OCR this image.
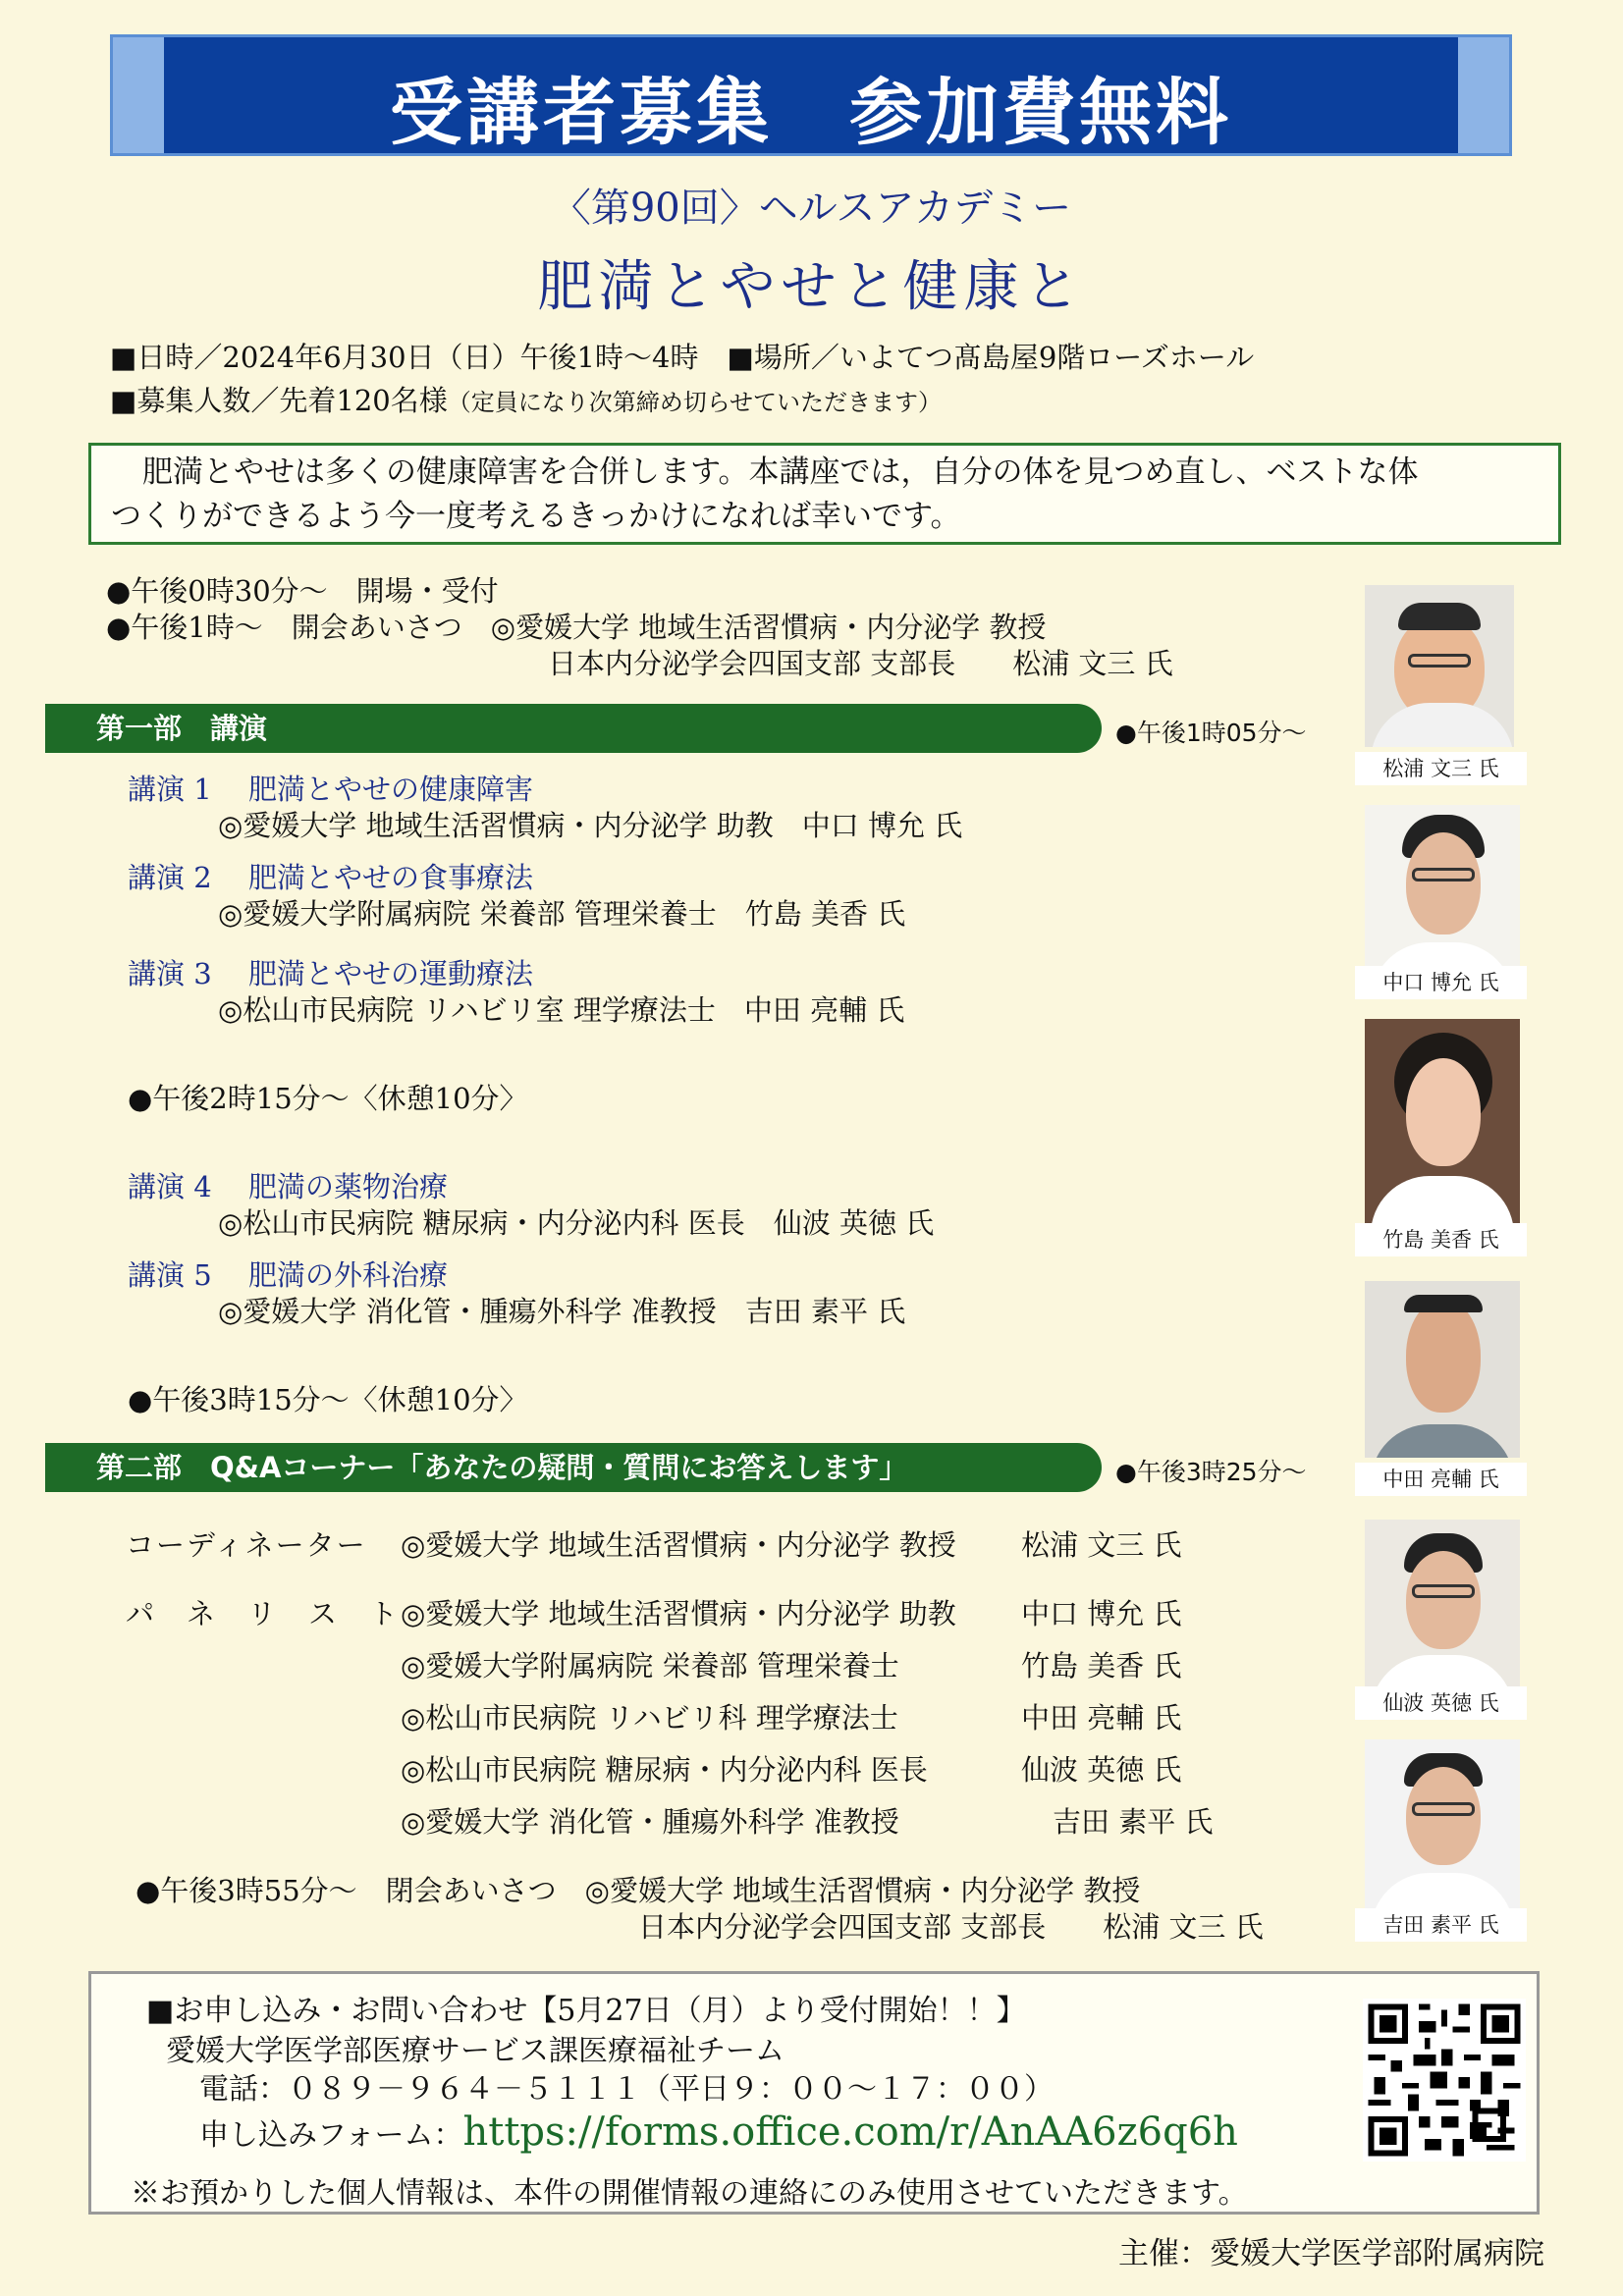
受講者募集　参加費無料
〈第90回〉ヘルスアカデミー
肥満とやせと健康と
■日時／2024年6月30日（日）午後1時～4時　■場所／いよてつ髙島屋9階ローズホール
■募集人数／先着120名様（定員になり次第締め切らせていただきます）
肥満とやせは多くの健康障害を合併します。本講座では，自分の体を見つめ直し、ベストな体
つくりができるよう今一度考えるきっかけになれば幸いです。
●午後0時30分～　開場・受付
●午後1時～　開会あいさつ　◎愛媛大学 地域生活習慣病・内分泌学 教授
日本内分泌学会四国支部 支部長　　松浦 文三 氏
第一部　講演	●午後1時05分～
講演 1 肥満とやせの健康障害
◎愛媛大学 地域生活習慣病・内分泌学 助教　中口 博允 氏
講演 2 肥満とやせの食事療法
◎愛媛大学附属病院 栄養部 管理栄養士　竹島 美香 氏
講演 3 肥満とやせの運動療法
◎松山市民病院 リハビリ室 理学療法士　中田 亮輔 氏
●午後2時15分～〈休憩10分〉
講演 4 肥満の薬物治療
◎松山市民病院 糖尿病・内分泌内科 医長　仙波 英徳 氏
講演 5 肥満の外科治療
◎愛媛大学 消化管・腫瘍外科学 准教授　吉田 素平 氏
●午後3時15分～〈休憩10分〉
第二部　Q&Aコーナー「あなたの疑問・質問にお答えします」	●午後3時25分～
コーディネーター ◎愛媛大学 地域生活習慣病・内分泌学 教授 松浦 文三 氏
パ　ネ　リ　ス　ト ◎愛媛大学 地域生活習慣病・内分泌学 助教 中口 博允 氏
◎愛媛大学附属病院 栄養部 管理栄養士	竹島 美香 氏
◎松山市民病院 リハビリ科 理学療法士	中田 亮輔 氏
◎松山市民病院 糖尿病・内分泌内科 医長	仙波 英徳 氏
◎愛媛大学 消化管・腫瘍外科学 准教授	吉田 素平 氏
●午後3時55分～　閉会あいさつ　◎愛媛大学 地域生活習慣病・内分泌学 教授
日本内分泌学会四国支部 支部長　　松浦 文三 氏
松浦 文三 氏
中口 博允 氏
竹島 美香 氏
中田 亮輔 氏
仙波 英徳 氏
吉田 素平 氏
■お申し込み・お問い合わせ【5月27日（月）より受付開始！！】
愛媛大学医学部医療サービス課医療福祉チーム
電話：０８９－９６４－５１１１（平日９：００～１７：００）
申し込みフォーム：https://forms.office.com/r/AnAA6z6q6h
※お預かりした個人情報は、本件の開催情報の連絡にのみ使用させていただきます。
主催：愛媛大学医学部附属病院
